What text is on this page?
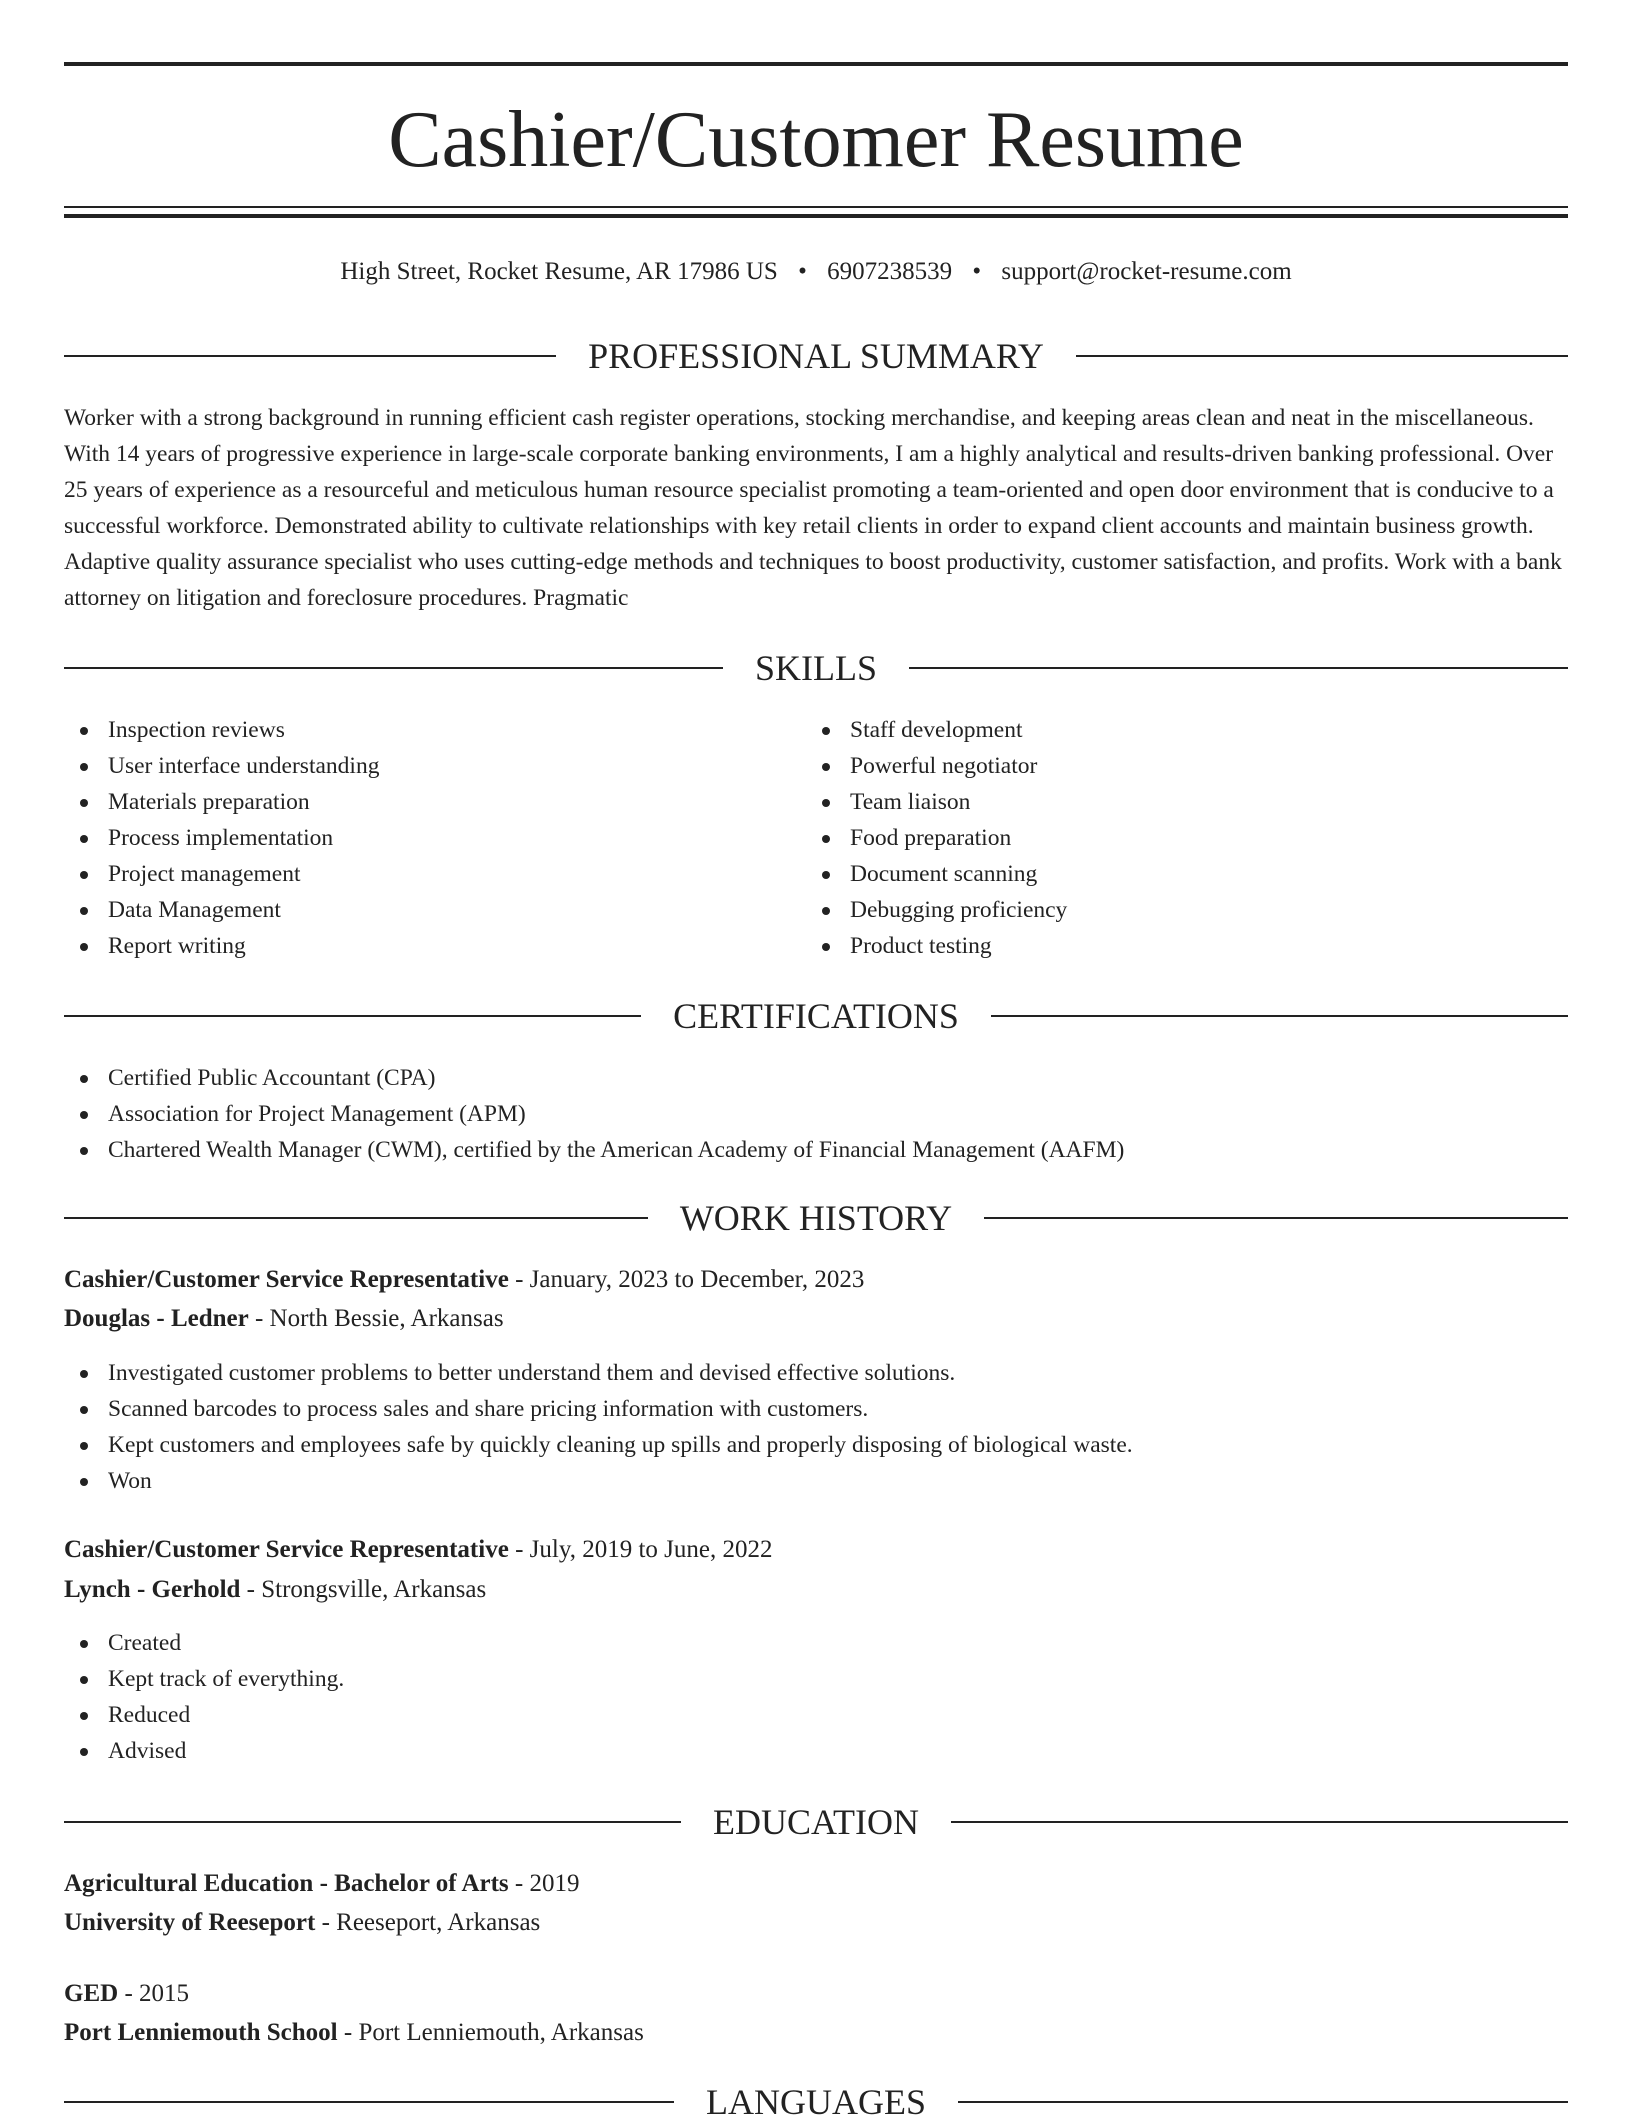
Cashier/Customer Resume
High Street, Rocket Resume, AR 17986 US • 6907238539 • support@rocket-resume.com
PROFESSIONAL SUMMARY

Worker with a strong background in running efficient cash register operations, stocking merchandise, and keeping areas clean and neat in the miscellaneous. With 14 years of progressive experience in large-scale corporate banking environments, I am a highly analytical and results-driven banking professional. Over 25 years of experience as a resourceful and meticulous human resource specialist promoting a team-oriented and open door environment that is conducive to a successful workforce. Demonstrated ability to cultivate relationships with key retail clients in order to expand client accounts and maintain business growth. Adaptive quality assurance specialist who uses cutting-edge methods and techniques to boost productivity, customer satisfaction, and profits. Work with a bank attorney on litigation and foreclosure procedures. Pragmatic

SKILLS
Inspection reviews
User interface understanding
Materials preparation
Process implementation
Project management
Data Management
Report writing
Staff development
Powerful negotiator
Team liaison
Food preparation
Document scanning
Debugging proficiency
Product testing
CERTIFICATIONS
Certified Public Accountant (CPA)
Association for Project Management (APM)
Chartered Wealth Manager (CWM), certified by the American Academy of Financial Management (AAFM)
WORK HISTORY
Cashier/Customer Service Representative - January, 2023 to December, 2023
Douglas - Ledner - North Bessie, Arkansas
Investigated customer problems to better understand them and devised effective solutions.
Scanned barcodes to process sales and share pricing information with customers.
Kept customers and employees safe by quickly cleaning up spills and properly disposing of biological waste.
Won
Cashier/Customer Service Representative - July, 2019 to June, 2022
Lynch - Gerhold - Strongsville, Arkansas
Created
Kept track of everything.
Reduced
Advised
EDUCATION
Agricultural Education - Bachelor of Arts - 2019
University of Reeseport - Reeseport, Arkansas
GED - 2015
Port Lenniemouth School - Port Lenniemouth, Arkansas
LANGUAGES
